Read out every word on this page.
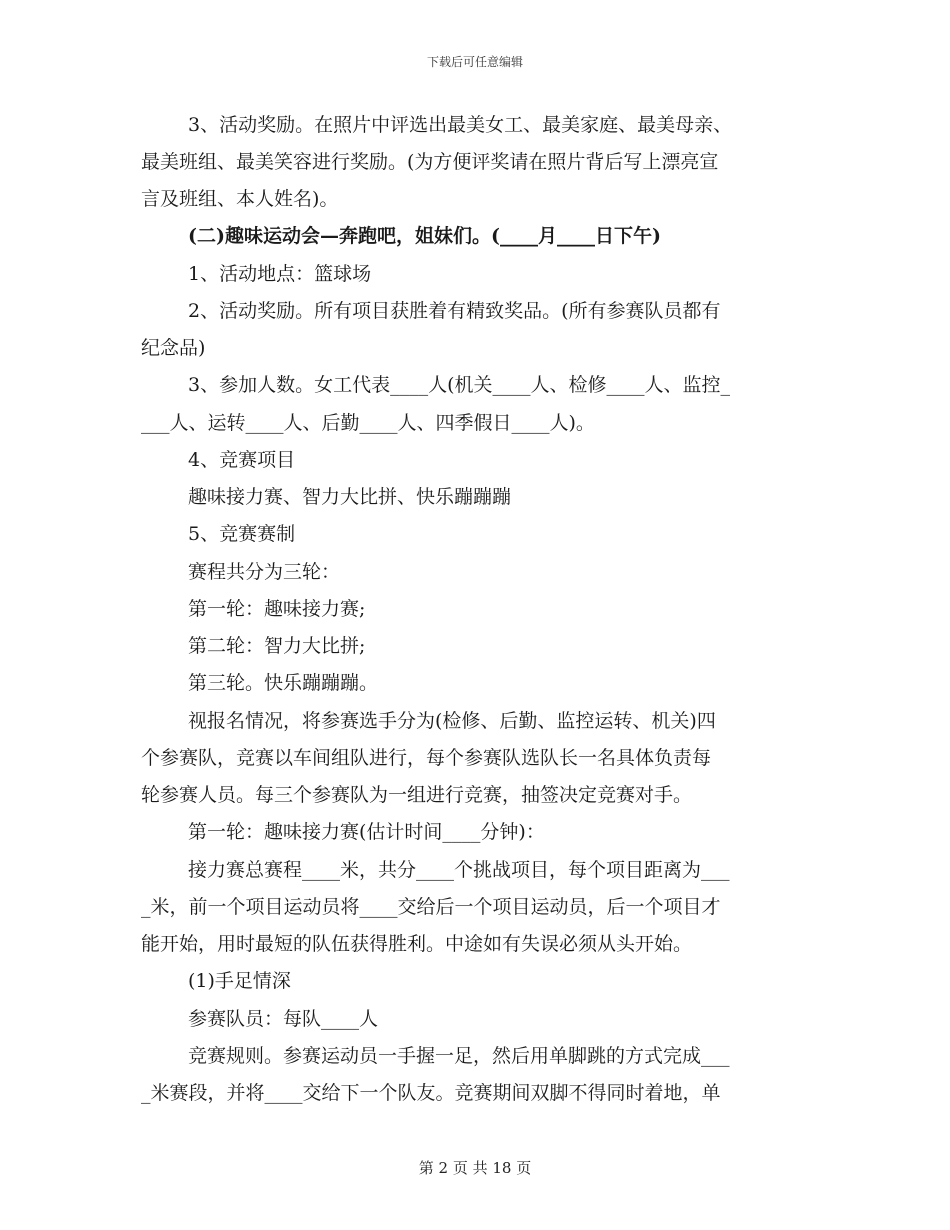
下载后可任意编辑
3、活动奖励。在照片中评选出最美女工、最美家庭、最美母亲、
最美班组、最美笑容进行奖励。(为方便评奖请在照片背后写上漂亮宣
言及班组、本人姓名)。
(二)趣味运动会—奔跑吧，姐妹们。(____月____日下午)
1、活动地点：篮球场
2、活动奖励。所有项目获胜着有精致奖品。(所有参赛队员都有
纪念品)
3、参加人数。女工代表____人(机关____人、检修____人、监控_
___人、运转____人、后勤____人、四季假日____人)。
4、竞赛项目
趣味接力赛、智力大比拼、快乐蹦蹦蹦
5、竞赛赛制
赛程共分为三轮：
第一轮：趣味接力赛;
第二轮：智力大比拼;
第三轮。快乐蹦蹦蹦。
视报名情况，将参赛选手分为(检修、后勤、监控运转、机关)四
个参赛队，竞赛以车间组队进行，每个参赛队选队长一名具体负责每
轮参赛人员。每三个参赛队为一组进行竞赛，抽签决定竞赛对手。
第一轮：趣味接力赛(估计时间____分钟)：
接力赛总赛程____米，共分____个挑战项目，每个项目距离为___
_米，前一个项目运动员将____交给后一个项目运动员，后一个项目才
能开始，用时最短的队伍获得胜利。中途如有失误必须从头开始。
(1)手足情深
参赛队员：每队____人
竞赛规则。参赛运动员一手握一足，然后用单脚跳的方式完成___
_米赛段，并将____交给下一个队友。竞赛期间双脚不得同时着地，单
第 2 页 共 18 页
